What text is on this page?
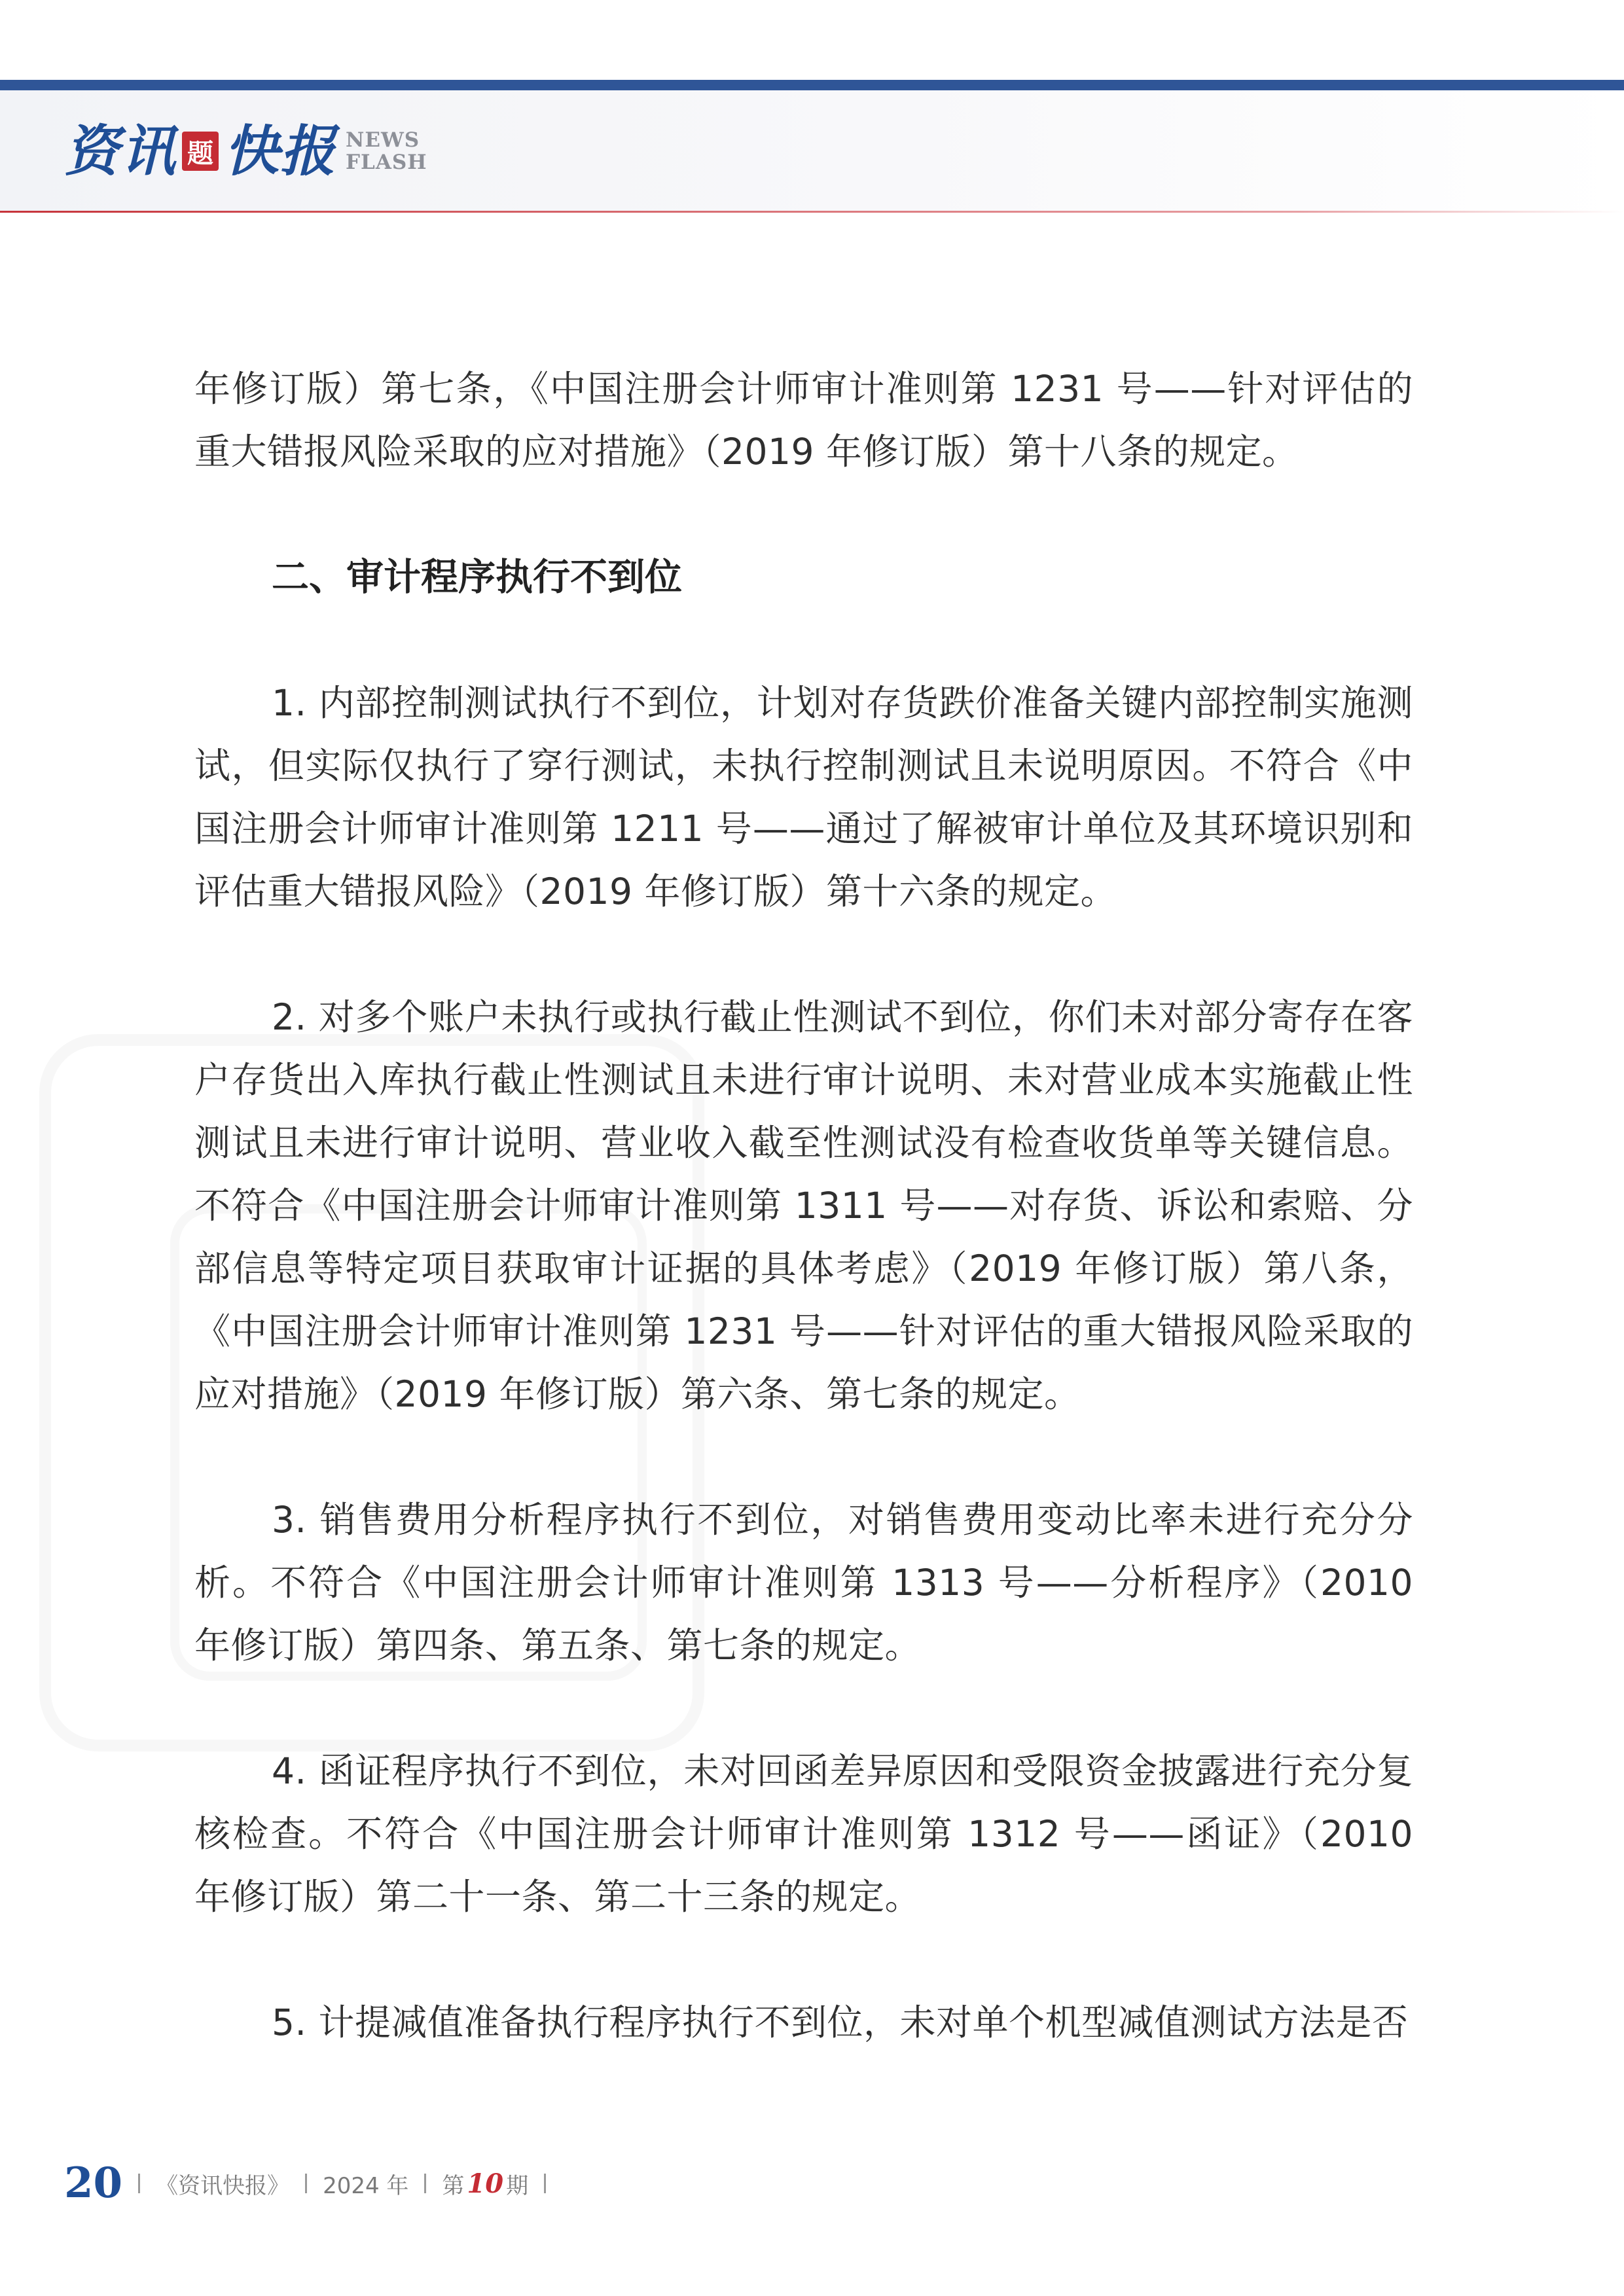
资讯 题 快报 NEWS
FLASH

年修订版）第七条，《中国注册会计师审计准则第 1231 号——针对评估的重大错报风险采取的应对措施》（2019 年修订版）第十八条的规定。

二、审计程序执行不到位

1. 内部控制测试执行不到位，计划对存货跌价准备关键内部控制实施测试，但实际仅执行了穿行测试，未执行控制测试且未说明原因。不符合《中国注册会计师审计准则第 1211 号——通过了解被审计单位及其环境识别和评估重大错报风险》（2019 年修订版）第十六条的规定。

2. 对多个账户未执行或执行截止性测试不到位，你们未对部分寄存在客户存货出入库执行截止性测试且未进行审计说明、未对营业成本实施截止性测试且未进行审计说明、营业收入截至性测试没有检查收货单等关键信息。不符合《中国注册会计师审计准则第 1311 号——对存货、诉讼和索赔、分部信息等特定项目获取审计证据的具体考虑》（2019 年修订版）第八条，《中国注册会计师审计准则第 1231 号——针对评估的重大错报风险采取的应对措施》（2019 年修订版）第六条、第七条的规定。

3. 销售费用分析程序执行不到位，对销售费用变动比率未进行充分分析。不符合《中国注册会计师审计准则第 1313 号——分析程序》（2010 年修订版）第四条、第五条、第七条的规定。

4. 函证程序执行不到位，未对回函差异原因和受限资金披露进行充分复核检查。不符合《中国注册会计师审计准则第 1312 号——函证》（2010 年修订版）第二十一条、第二十三条的规定。

5. 计提减值准备执行程序执行不到位，未对单个机型减值测试方法是否

20 《资讯快报》 2024 年 第 10 期
